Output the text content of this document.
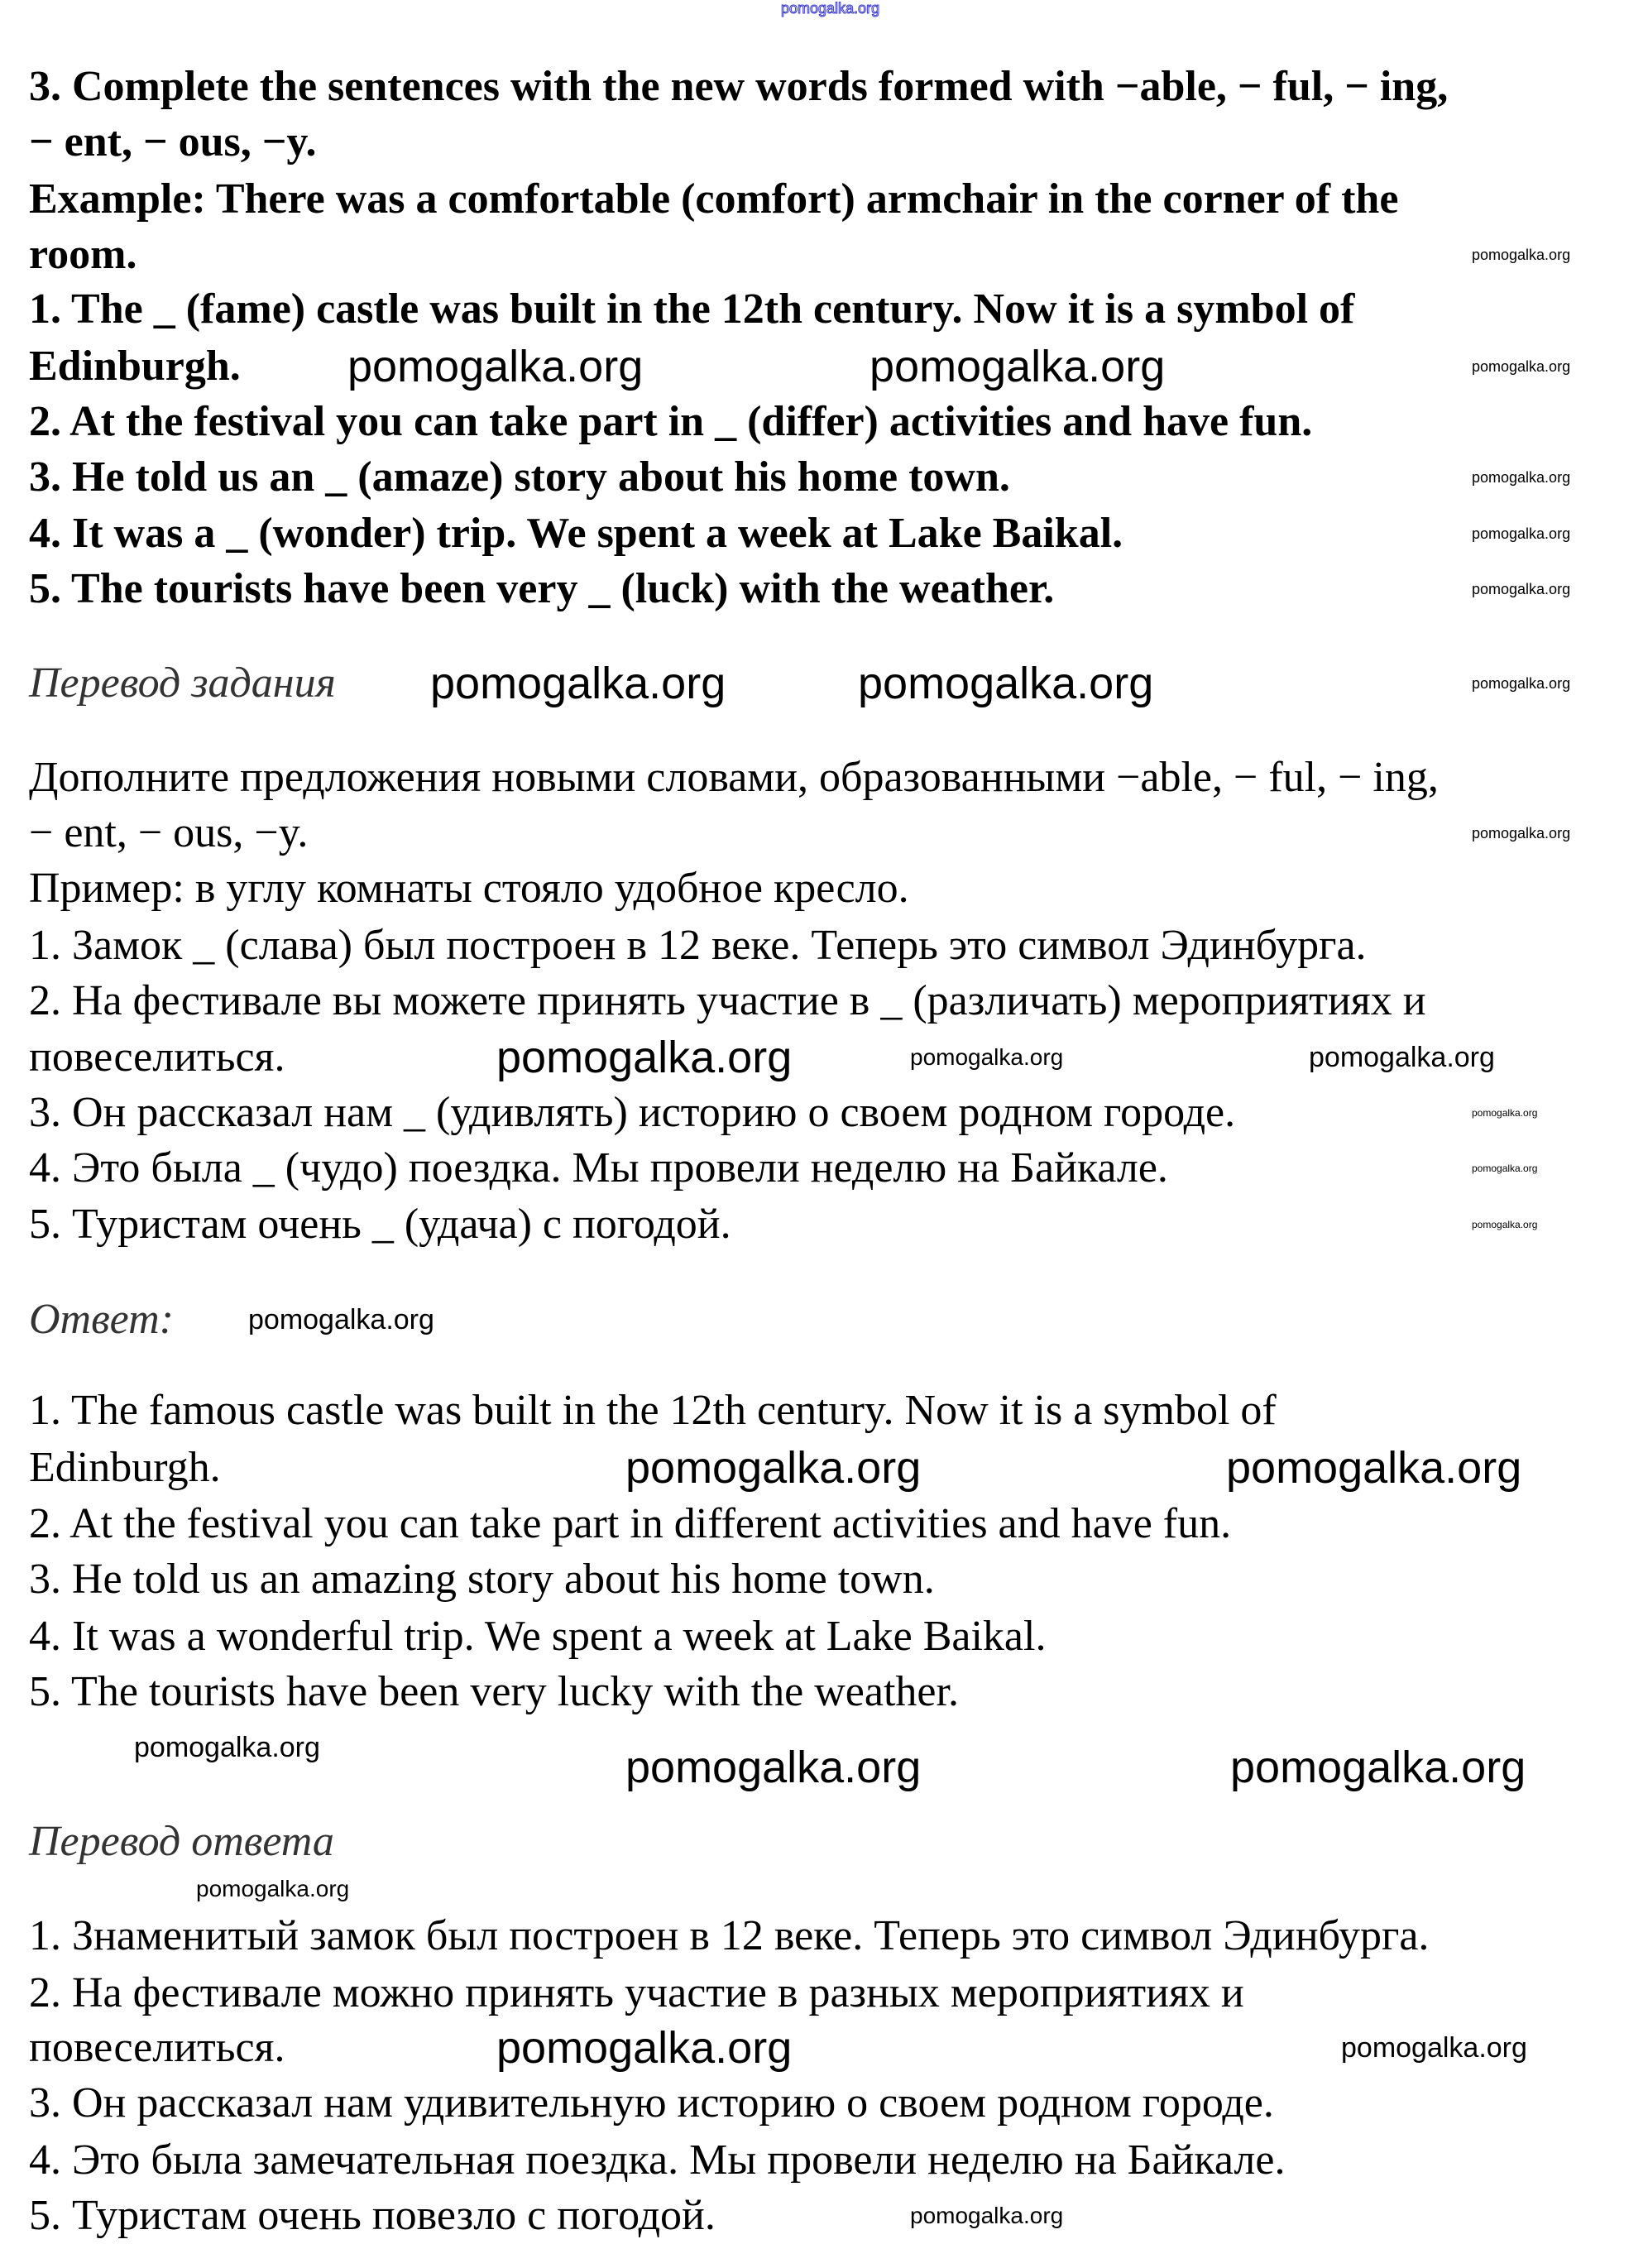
pomogalka.org
3. Complete the sentences with the new words formed with −able, − ful, − ing,
− ent, − ous, −y.
Example: There was a comfortable (comfort) armchair in the corner of the
room.
1. The _ (fame) castle was built in the 12th century. Now it is a symbol of
Edinburgh.
2. At the festival you can take part in _ (differ) activities and have fun.
3. He told us an _ (amaze) story about his home town.
4. It was a _ (wonder) trip. We spent a week at Lake Baikal.
5. The tourists have been very _ (luck) with the weather.
Перевод задания
Дополните предложения новыми словами, образованными −able, − ful, − ing,
− ent, − ous, −y.
Пример: в углу комнаты стояло удобное кресло.
1. Замок _ (слава) был построен в 12 веке. Теперь это символ Эдинбурга.
2. На фестивале вы можете принять участие в _ (различать) мероприятиях и
повеселиться.
3. Он рассказал нам _ (удивлять) историю о своем родном городе.
4. Это была _ (чудо) поездка. Мы провели неделю на Байкале.
5. Туристам очень _ (удача) с погодой.
Ответ:
1. The famous castle was built in the 12th century. Now it is a symbol of
Edinburgh.
2. At the festival you can take part in different activities and have fun.
3. He told us an amazing story about his home town.
4. It was a wonderful trip. We spent a week at Lake Baikal.
5. The tourists have been very lucky with the weather.
Перевод ответа
1. Знаменитый замок был построен в 12 веке. Теперь это символ Эдинбурга.
2. На фестивале можно принять участие в разных мероприятиях и
повеселиться.
3. Он рассказал нам удивительную историю о своем родном городе.
4. Это была замечательная поездка. Мы провели неделю на Байкале.
5. Туристам очень повезло с погодой.
pomogalka.org
pomogalka.org	pomogalka.org	pomogalka.org
pomogalka.org
pomogalka.org
pomogalka.org
pomogalka.org	pomogalka.org	pomogalka.org
pomogalka.org
pomogalka.org	pomogalka.org	pomogalka.org
pomogalka.org
pomogalka.org
pomogalka.org
pomogalka.org
pomogalka.org	pomogalka.org
pomogalka.org	pomogalka.org	pomogalka.org
pomogalka.org
pomogalka.org	pomogalka.org
pomogalka.org
